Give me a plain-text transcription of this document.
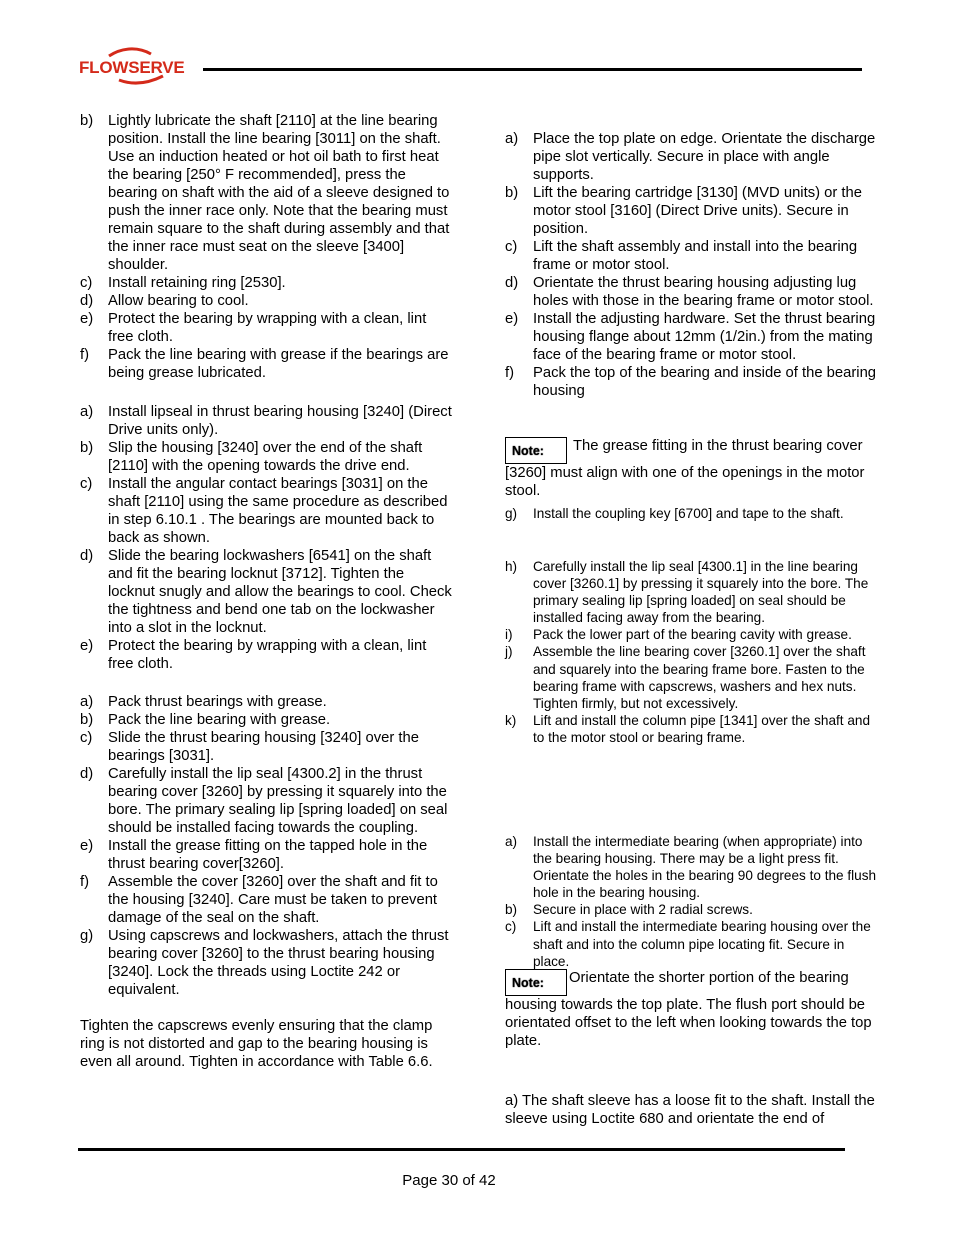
FLOWSERVE
b) Lightly lubricate the shaft [2110] at the line bearing position. Install the line bearing [3011] on the shaft. Use an induction heated or hot oil bath to first heat the bearing [250° F recommended], press the bearing on shaft with the aid of a sleeve designed to push the inner race only. Note that the bearing must remain square to the shaft during assembly and that the inner race must seat on the sleeve [3400] shoulder.
c) Install retaining ring [2530].
d) Allow bearing to cool.
e) Protect the bearing by wrapping with a clean, lint free cloth.
f) Pack the line bearing with grease if the bearings are being grease lubricated.
a) Install lipseal in thrust bearing housing [3240] (Direct Drive units only).
b) Slip the housing [3240] over the end of the shaft [2110] with the opening towards the drive end.
c) Install the angular contact bearings [3031] on the shaft [2110] using the same procedure as described in step 6.10.1 . The bearings are mounted back to back as shown.
d) Slide the bearing lockwashers [6541] on the shaft and fit the bearing locknut [3712]. Tighten the locknut snugly and allow the bearings to cool. Check the tightness and bend one tab on the lockwasher into a slot in the locknut.
e) Protect the bearing by wrapping with a clean, lint free cloth.
a) Pack thrust bearings with grease.
b) Pack the line bearing with grease.
c) Slide the thrust bearing housing [3240] over the bearings [3031].
d) Carefully install the lip seal [4300.2] in the thrust bearing cover [3260] by pressing it squarely into the bore. The primary sealing lip [spring loaded] on seal should be installed facing towards the coupling.
e) Install the grease fitting on the tapped hole in the thrust bearing cover[3260].
f) Assemble the cover [3260] over the shaft and fit to the housing [3240]. Care must be taken to prevent damage of the seal on the shaft.
g) Using capscrews and lockwashers, attach the thrust bearing cover [3260] to the thrust bearing housing [3240]. Lock the threads using Loctite 242 or equivalent.

Tighten the capscrews evenly ensuring that the clamp ring is not distorted and gap to the bearing housing is even all around. Tighten in accordance with Table 6.6.

a) Place the top plate on edge. Orientate the discharge pipe slot vertically. Secure in place with angle supports.
b) Lift the bearing cartridge [3130] (MVD units) or the motor stool [3160] (Direct Drive units). Secure in position.
c) Lift the shaft assembly and install into the bearing frame or motor stool.
d) Orientate the thrust bearing housing adjusting lug holes with those in the bearing frame or motor stool.
e) Install the adjusting hardware. Set the thrust bearing housing flange about 12mm (1/2in.) from the mating face of the bearing frame or motor stool.
f) Pack the top of the bearing and inside of the bearing housing
Note: The grease fitting in the thrust bearing cover [3260] must align with one of the openings in the motor stool.
g) Install the coupling key [6700] and tape to the shaft.
h) Carefully install the lip seal [4300.1] in the line bearing cover [3260.1] by pressing it squarely into the bore. The primary sealing lip [spring loaded] on seal should be installed facing away from the bearing.
i) Pack the lower part of the bearing cavity with grease.
j) Assemble the line bearing cover [3260.1] over the shaft and squarely into the bearing frame bore. Fasten to the bearing frame with capscrews, washers and hex nuts. Tighten firmly, but not excessively.
k) Lift and install the column pipe [1341] over the shaft and to the motor stool or bearing frame.
a) Install the intermediate bearing (when appropriate) into the bearing housing. There may be a light press fit. Orientate the holes in the bearing 90 degrees to the flush hole in the bearing housing.
b) Secure in place with 2 radial screws.
c) Lift and install the intermediate bearing housing over the shaft and into the column pipe locating fit. Secure in place.
Note: Orientate the shorter portion of the bearing housing towards the top plate. The flush port should be orientated offset to the left when looking towards the top plate.

a) The shaft sleeve has a loose fit to the shaft. Install the sleeve using Loctite 680 and orientate the end of

Page 30 of 42
